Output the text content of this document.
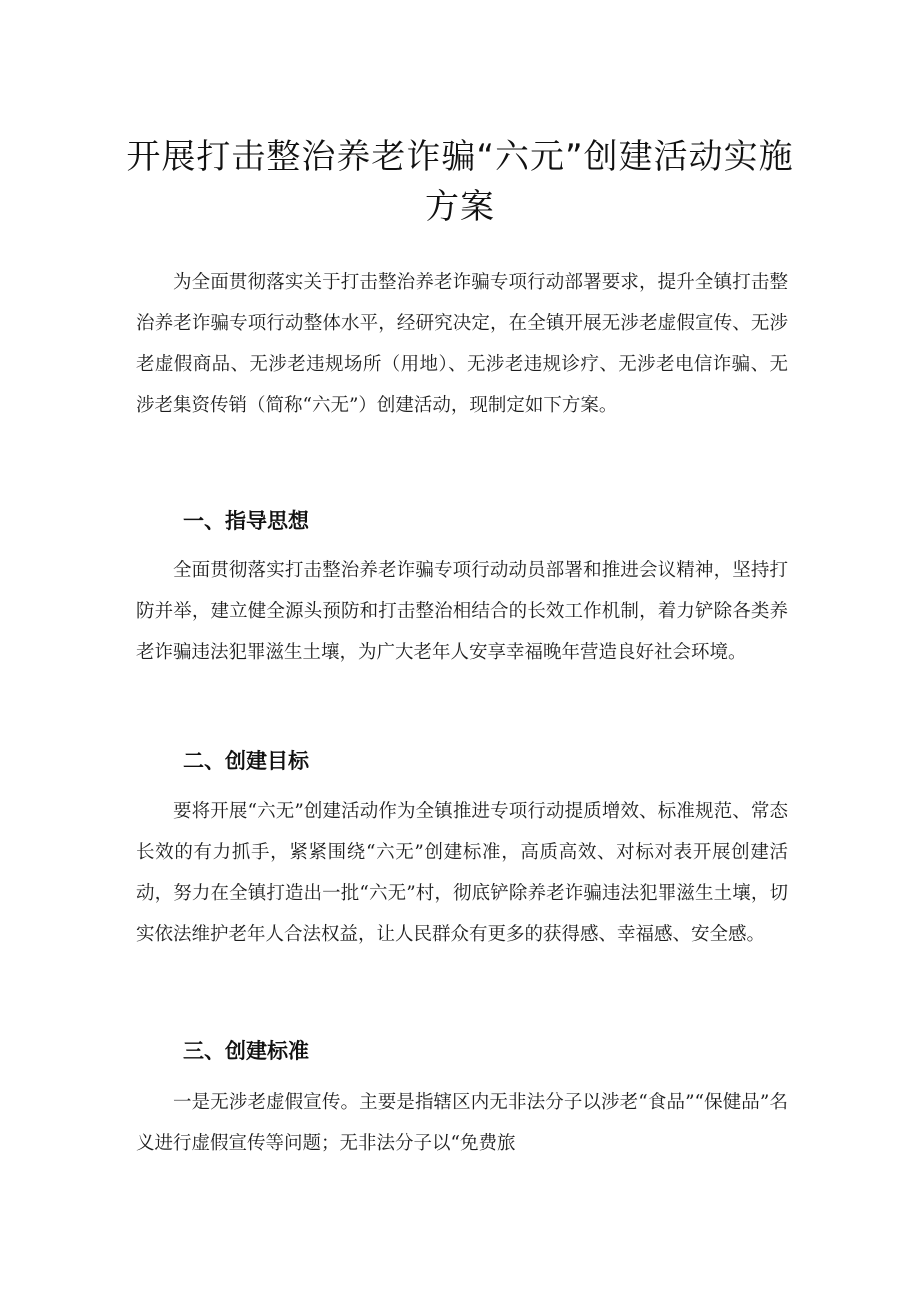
开展打击整治养老诈骗“六元”创建活动实施
方案

为全面贯彻落实关于打击整治养老诈骗专项行动部署要求，提升全镇打击整治养老诈骗专项行动整体水平，经研究决定，在全镇开展无涉老虚假宣传、无涉老虚假商品、无涉老违规场所（用地）、无涉老违规诊疗、无涉老电信诈骗、无涉老集资传销（简称“六无”）创建活动，现制定如下方案。

一、指导思想

全面贯彻落实打击整治养老诈骗专项行动动员部署和推进会议精神，坚持打防并举，建立健全源头预防和打击整治相结合的长效工作机制，着力铲除各类养老诈骗违法犯罪滋生土壤，为广大老年人安享幸福晚年营造良好社会环境。

二、创建目标

要将开展“六无”创建活动作为全镇推进专项行动提质增效、标准规范、常态长效的有力抓手，紧紧围绕“六无”创建标准，高质高效、对标对表开展创建活动，努力在全镇打造出一批“六无”村，彻底铲除养老诈骗违法犯罪滋生土壤，切实依法维护老年人合法权益，让人民群众有更多的获得感、幸福感、安全感。

三、创建标准

一是无涉老虚假宣传。主要是指辖区内无非法分子以涉老“食品”“保健品”名义进行虚假宣传等问题；无非法分子以“免费旅
